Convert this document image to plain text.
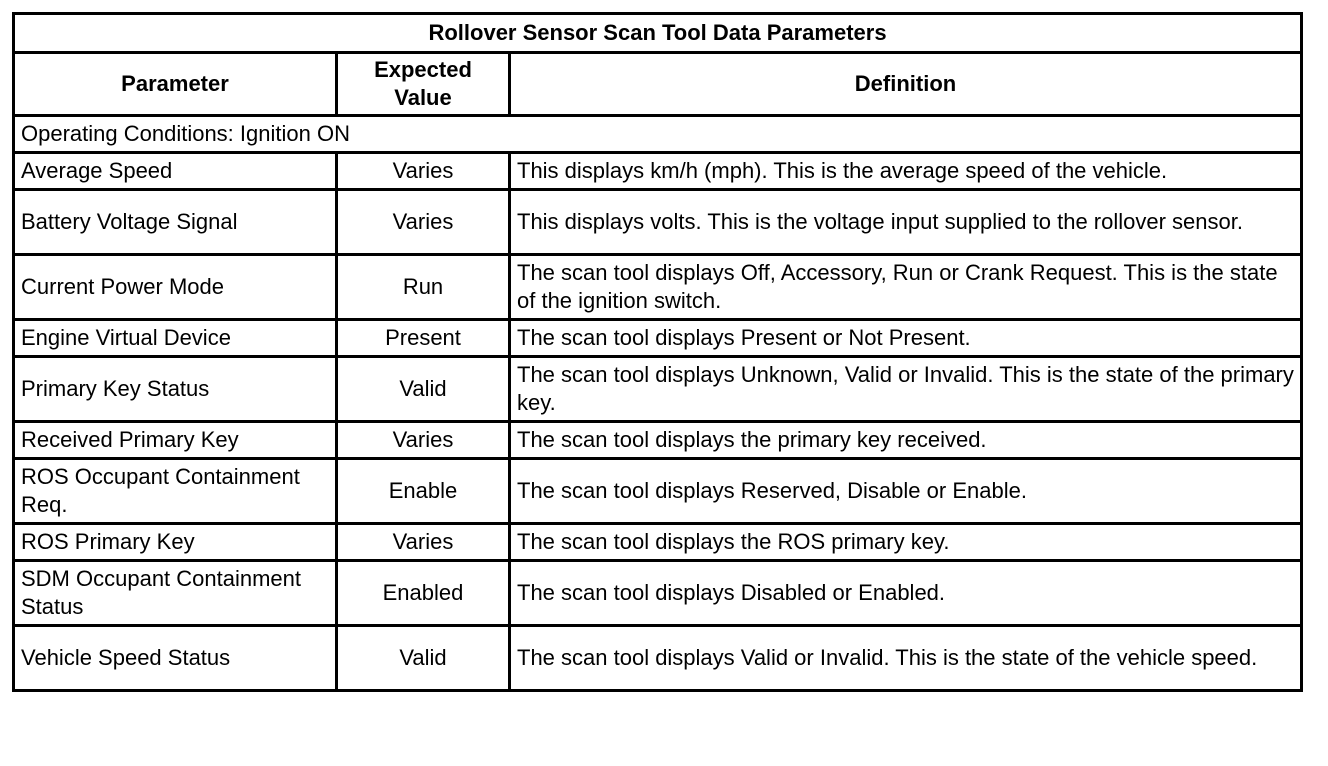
Rollover Sensor Scan Tool Data Parameters		
Parameter	Expected Value	Definition
Operating Conditions: Ignition ON		
Average Speed	Varies	This displays km/h (mph). This is the average speed of the vehicle.
Battery Voltage Signal	Varies	This displays volts. This is the voltage input supplied to the rollover sensor.
Current Power Mode	Run	The scan tool displays Off, Accessory, Run or Crank Request. This is the state of the ignition switch.
Engine Virtual Device	Present	The scan tool displays Present or Not Present.
Primary Key Status	Valid	The scan tool displays Unknown, Valid or Invalid. This is the state of the primary key.
Received Primary Key	Varies	The scan tool displays the primary key received.
ROS Occupant Containment Req.	Enable	The scan tool displays Reserved, Disable or Enable.
ROS Primary Key	Varies	The scan tool displays the ROS primary key.
SDM Occupant Containment Status	Enabled	The scan tool displays Disabled or Enabled.
Vehicle Speed Status	Valid	The scan tool displays Valid or Invalid. This is the state of the vehicle speed.
